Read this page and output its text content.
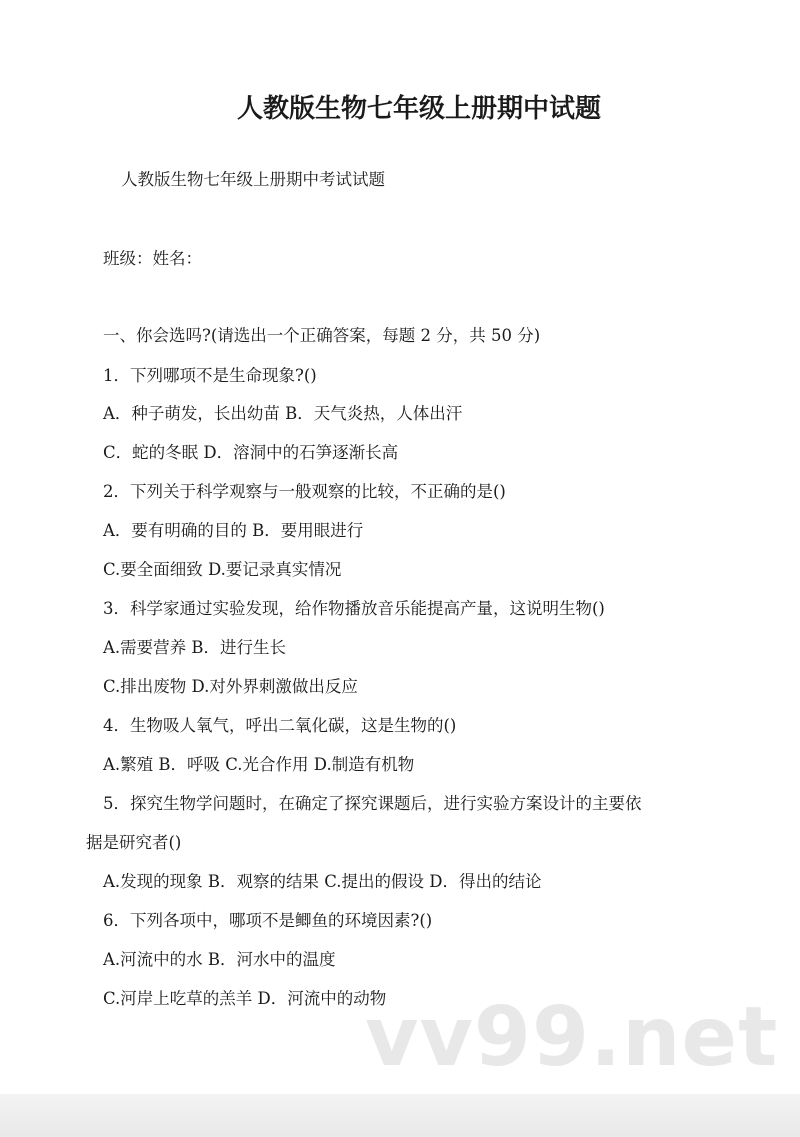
人教版生物七年级上册期中试题
人教版生物七年级上册期中考试试题
班级：姓名：
一、你会选吗?(请选出一个正确答案，每题 2 分，共 50 分)
1．下列哪项不是生命现象?()
A．种子萌发，长出幼苗 B．天气炎热，人体出汗
C．蛇的冬眠 D．溶洞中的石笋逐渐长高
2．下列关于科学观察与一般观察的比较，不正确的是()
A．要有明确的目的 B．要用眼进行
C.要全面细致 D.要记录真实情况
3．科学家通过实验发现，给作物播放音乐能提高产量，这说明生物()
A.需要营养 B．进行生长
C.排出废物 D.对外界刺激做出反应
4．生物吸人氧气，呼出二氧化碳，这是生物的()
A.繁殖 B．呼吸 C.光合作用 D.制造有机物
5．探究生物学问题时，在确定了探究课题后，进行实验方案设计的主要依
据是研究者()
A.发现的现象 B．观察的结果 C.提出的假设 D．得出的结论
6．下列各项中，哪项不是鲫鱼的环境因素?()
A.河流中的水 B．河水中的温度
C.河岸上吃草的羔羊 D．河流中的动物
vv99.net
